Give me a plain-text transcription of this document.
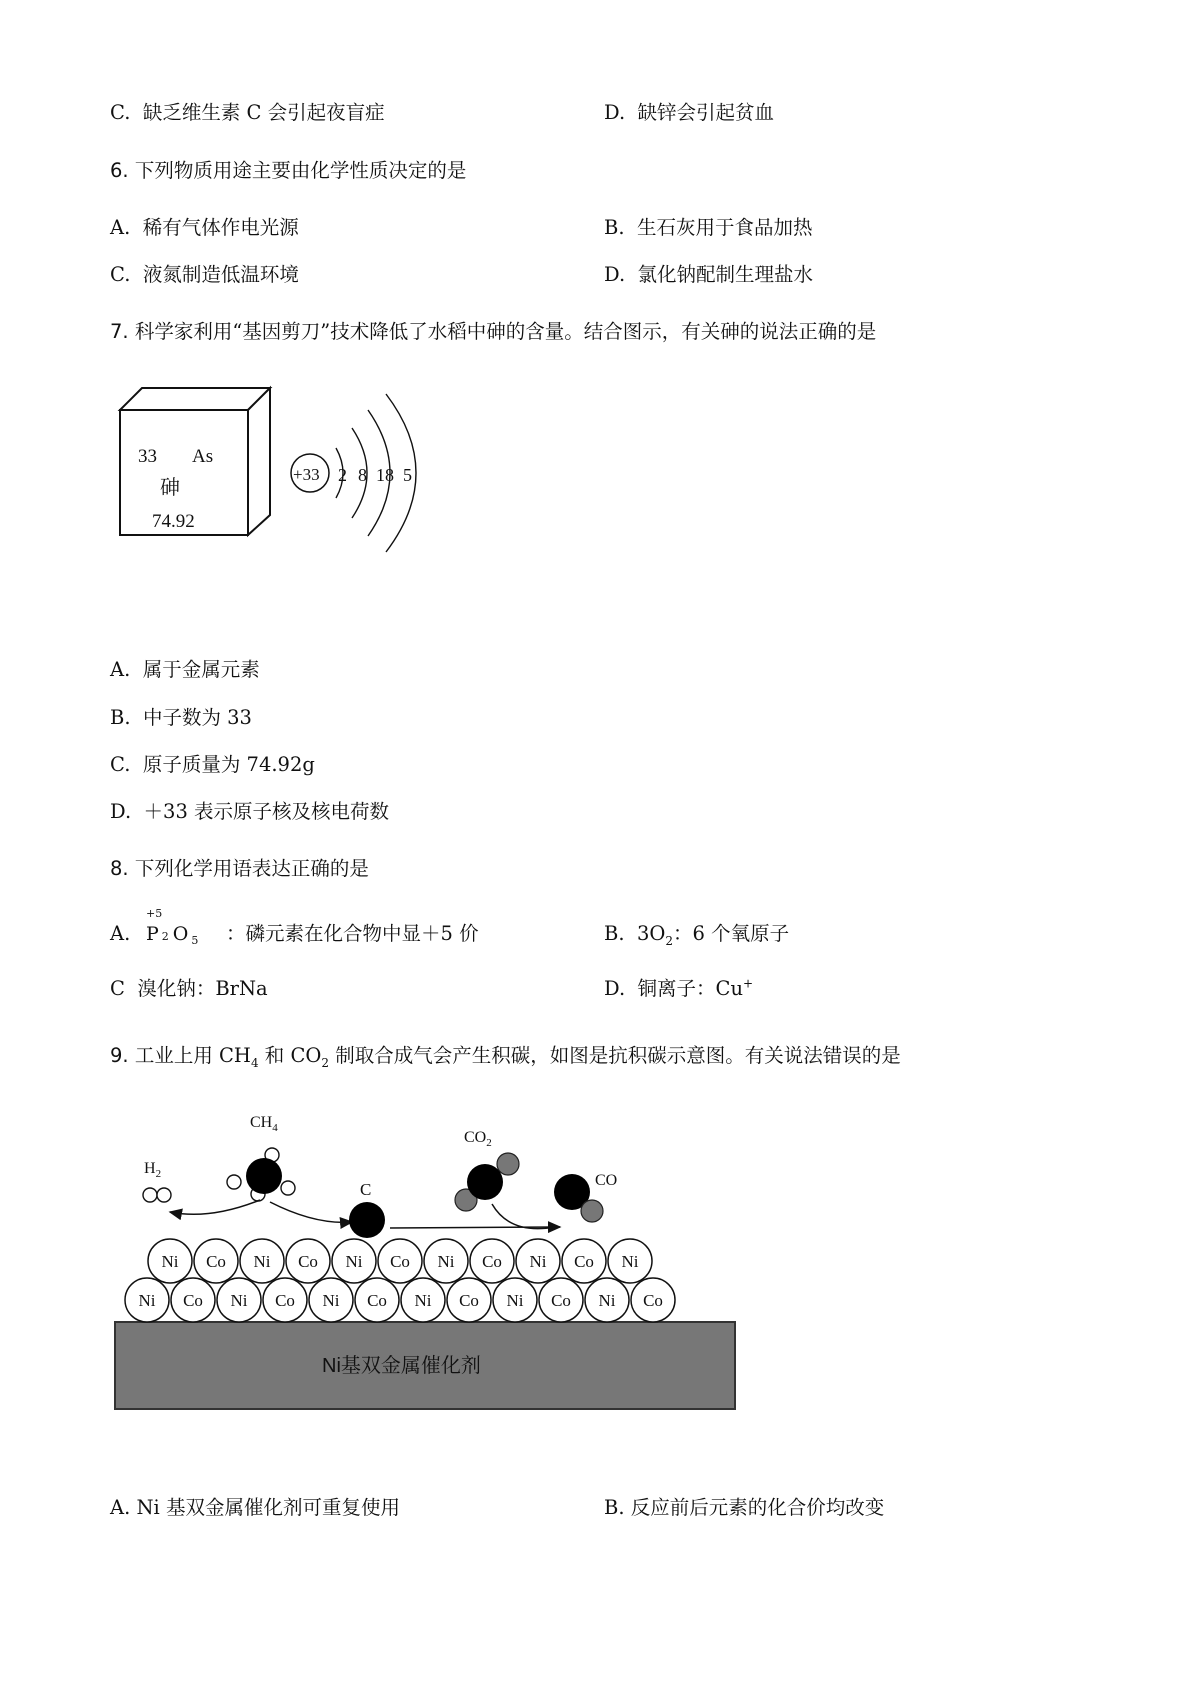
C. 缺乏维生素 C 会引起夜盲症	D. 缺锌会引起贫血
6. 下列物质用途主要由化学性质决定的是
A. 稀有气体作电光源	B. 生石灰用于食品加热
C. 液氮制造低温环境	D. 氯化钠配制生理盐水
7. 科学家利用“基因剪刀”技术降低了水稻中砷的含量。结合图示，有关砷的说法正确的是
33 As
砷
74.92
+33 2 8 18 5
A. 属于金属元素
B. 中子数为 33
C. 原子质量为 74.92g
D. ＋33 表示原子核及核电荷数
8. 下列化学用语表达正确的是
A.
+5
P 2 O $_5$ ：磷元素在化合物中显＋5 价	B. $3O_2$：6 个氧原子
C 溴化钠：BrNa	D. 铜离子：Cu+
9. 工业上用 $CH_4$ 和 $CO_2$ 制取合成气会产生积碳，如图是抗积碳示意图。有关说法错误的是
Ni基双金属催化剂
Ni Co Ni Co Ni Co Ni Co Ni Co Ni Co
Ni Co Ni Co Ni Co Ni Co Ni Co Ni
$H_2$
$CH_4$
C
$CO_2$
CO
A. Ni 基双金属催化剂可重复使用	B. 反应前后元素的化合价均改变
